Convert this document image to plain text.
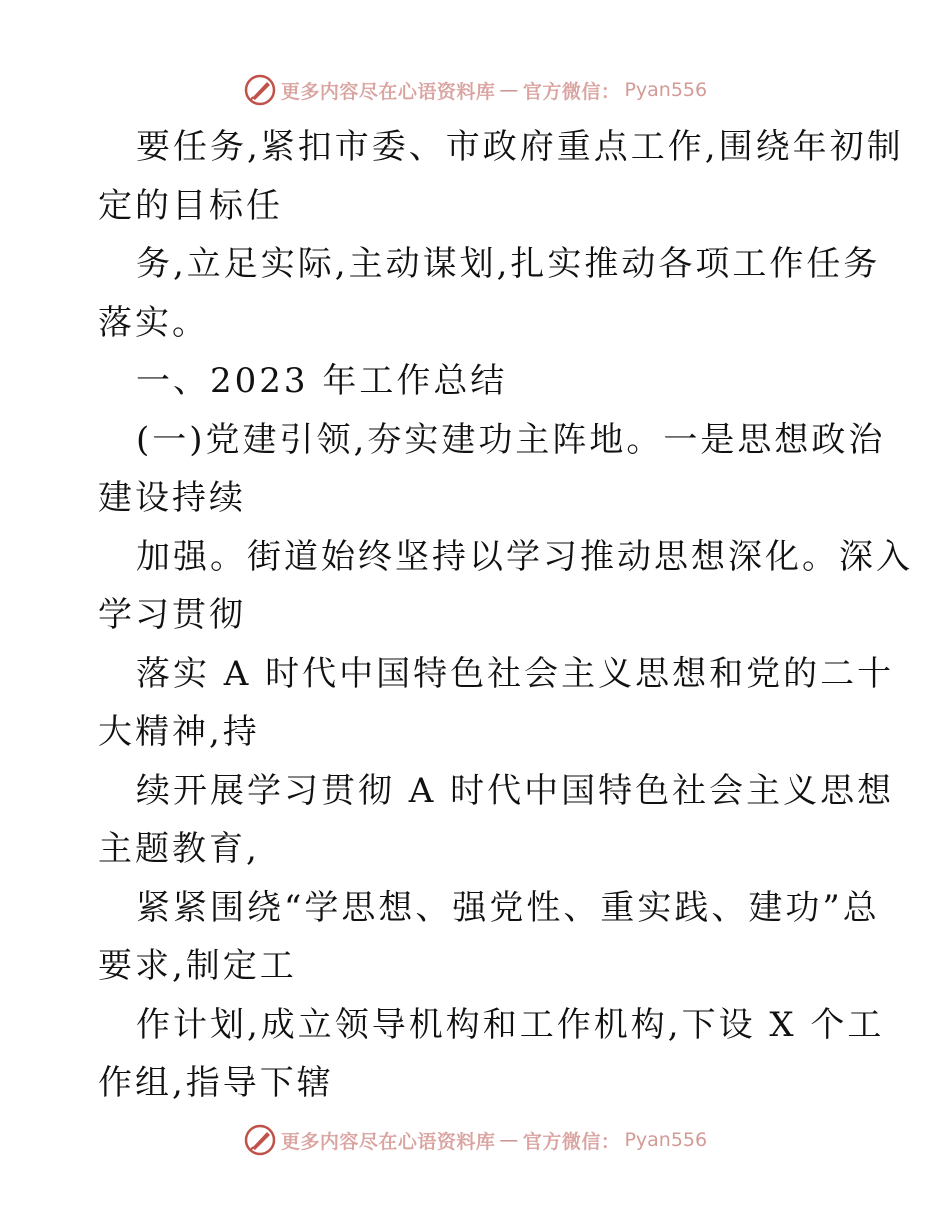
更多内容尽在心语资料库 — 官方微信： Pyan556
要任务,紧扣市委、市政府重点工作,围绕年初制
定的目标任
务,立足实际,主动谋划,扎实推动各项工作任务
落实。
一、2023 年工作总结
(一)党建引领,夯实建功主阵地。一是思想政治
建设持续
加强。街道始终坚持以学习推动思想深化。深入
学习贯彻
落实 A 时代中国特色社会主义思想和党的二十
大精神,持
续开展学习贯彻 A 时代中国特色社会主义思想
主题教育,
紧紧围绕“学思想、强党性、重实践、建功”总
要求,制定工
作计划,成立领导机构和工作机构,下设 X 个工
作组,指导下辖
更多内容尽在心语资料库 — 官方微信： Pyan556
